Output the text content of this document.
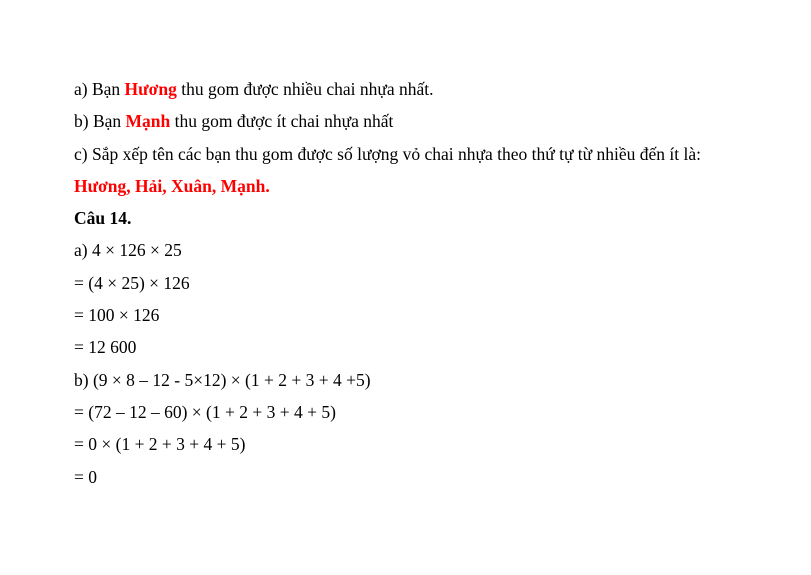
a) Bạn Hương thu gom được nhiều chai nhựa nhất.
b) Bạn Mạnh thu gom được ít chai nhựa nhất
c) Sắp xếp tên các bạn thu gom được số lượng vỏ chai nhựa theo thứ tự từ nhiều đến ít là:
Hương, Hải, Xuân, Mạnh.
Câu 14.
a) 4 × 126 × 25
= (4 × 25) × 126
= 100 × 126
= 12 600
b) (9 × 8 – 12 - 5×12) × (1 + 2 + 3 + 4 +5)
= (72 – 12 – 60) × (1 + 2 + 3 + 4 + 5)
= 0 × (1 + 2 + 3 + 4 + 5)
= 0
